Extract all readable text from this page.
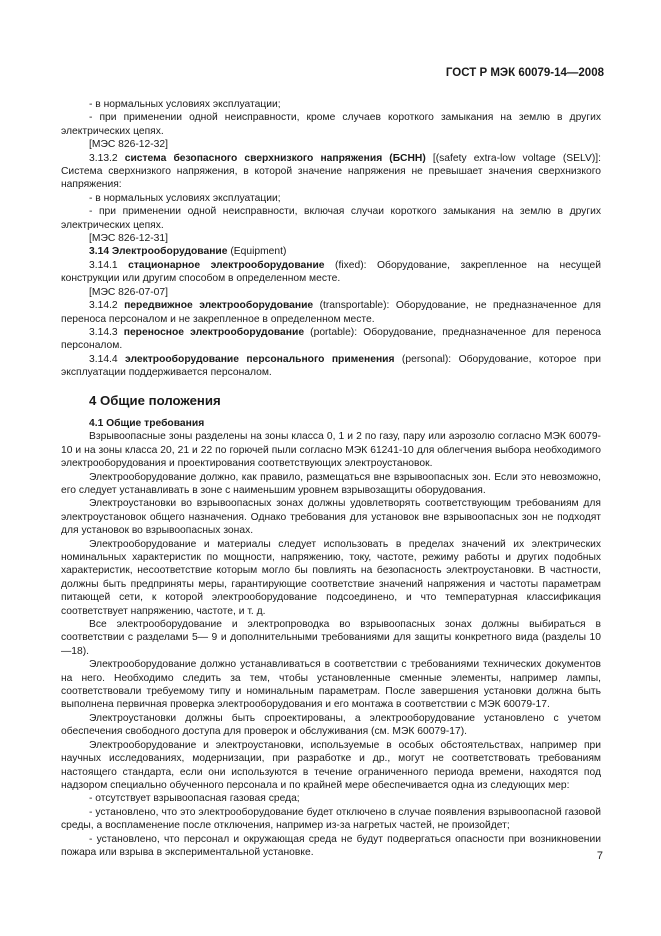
ГОСТ Р МЭК 60079-14—2008

- в нормальных условиях эксплуатации;

- при применении одной неисправности, кроме случаев короткого замыкания на землю в других электрических цепях.

[МЭС 826-12-32]

3.13.2 система безопасного сверхнизкого напряжения (БСНН) [(safety extra-low voltage (SELV)]: Система сверхнизкого напряжения, в которой значение напряжения не превышает значения сверхнизкого напряжения:

- в нормальных условиях эксплуатации;

- при применении одной неисправности, включая случаи короткого замыкания на землю в других электрических цепях.

[МЭС 826-12-31]

3.14 Электрооборудование (Equipment)

3.14.1 стационарное электрооборудование (fixed): Оборудование, закрепленное на несущей конструкции или другим способом в определенном месте.

[МЭС 826-07-07]

3.14.2 передвижное электрооборудование (transportable): Оборудование, не предназначенное для переноса персоналом и не закрепленное в определенном месте.

3.14.3 переносное электрооборудование (portable): Оборудование, предназначенное для переноса персоналом.

3.14.4 электрооборудование персонального применения (personal): Оборудование, которое при эксплуатации поддерживается персоналом.

4 Общие положения

4.1 Общие требования

Взрывоопасные зоны разделены на зоны класса 0, 1 и 2 по газу, пару или аэрозолю согласно МЭК 60079-10 и на зоны класса 20, 21 и 22 по горючей пыли согласно МЭК 61241-10 для облегчения выбора необходимого электрооборудования и проектирования соответствующих электроустановок.

Электрооборудование должно, как правило, размещаться вне взрывоопасных зон. Если это невозможно, его следует устанавливать в зоне с наименьшим уровнем взрывозащиты оборудования.

Электроустановки во взрывоопасных зонах должны удовлетворять соответствующим требованиям для электроустановок общего назначения. Однако требования для установок вне взрывоопасных зон не подходят для установок во взрывоопасных зонах.

Электрооборудование и материалы следует использовать в пределах значений их электрических номинальных характеристик по мощности, напряжению, току, частоте, режиму работы и других подобных характеристик, несоответствие которым могло бы повлиять на безопасность электроустановки. В частности, должны быть предприняты меры, гарантирующие соответствие значений напряжения и частоты параметрам питающей сети, к которой электрооборудование подсоединено, и что температурная классификация соответствует напряжению, частоте, и т. д.

Все электрооборудование и электропроводка во взрывоопасных зонах должны выбираться в соответствии с разделами 5— 9 и дополнительными требованиями для защиты конкретного вида (разделы 10—18).

Электрооборудование должно устанавливаться в соответствии с требованиями технических документов на него. Необходимо следить за тем, чтобы установленные сменные элементы, например лампы, соответствовали требуемому типу и номинальным параметрам. После завершения установки должна быть выполнена первичная проверка электрооборудования и его монтажа в соответствии с МЭК 60079-17.

Электроустановки должны быть спроектированы, а электрооборудование установлено с учетом обеспечения свободного доступа для проверок и обслуживания (см. МЭК 60079-17).

Электрооборудование и электроустановки, используемые в особых обстоятельствах, например при научных исследованиях, модернизации, при разработке и др., могут не соответствовать требованиям настоящего стандарта, если они используются в течение ограниченного периода времени, находятся под надзором специально обученного персонала и по крайней мере обеспечивается одна из следующих мер:

- отсутствует взрывоопасная газовая среда;

- установлено, что это электрооборудование будет отключено в случае появления взрывоопасной газовой среды, а воспламенение после отключения, например из-за нагретых частей, не произойдет;

- установлено, что персонал и окружающая среда не будут подвергаться опасности при возникновении пожара или взрыва в экспериментальной установке.	7
